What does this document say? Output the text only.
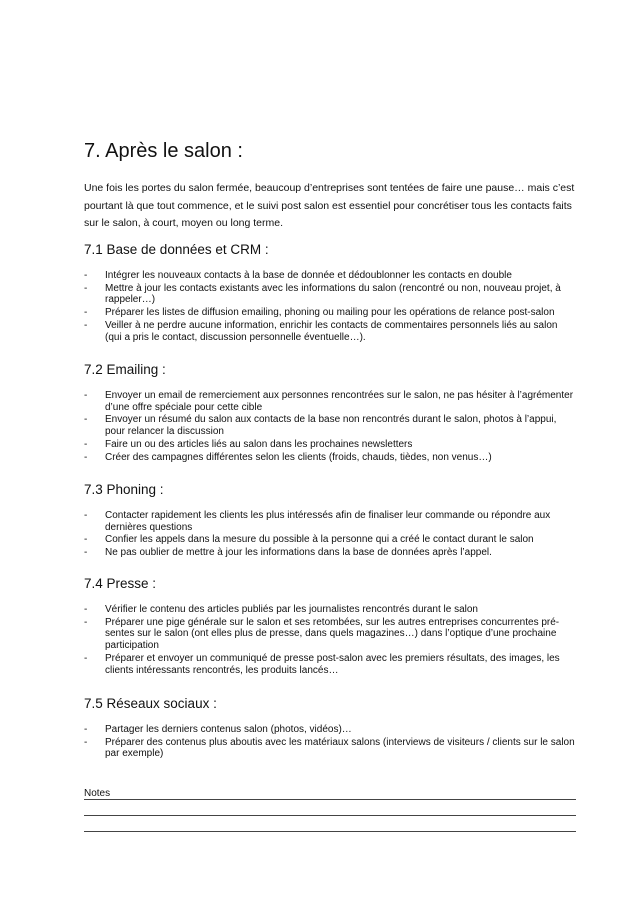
7. Après le salon :

Une fois les portes du salon fermée, beaucoup d’entreprises sont tentées de faire une pause… mais c’est pourtant là que tout commence, et le suivi post salon est essentiel pour concrétiser tous les contacts faits sur le salon, à court, moyen ou long terme.

7.1 Base de données et CRM :
- Intégrer les nouveaux contacts à la base de donnée et dédoublonner les contacts en double
- Mettre à jour les contacts existants avec les informations du salon (rencontré ou non, nouveau projet, à rappeler…)
- Préparer les listes de diffusion emailing, phoning ou mailing pour les opérations de relance post-salon
- Veiller à ne perdre aucune information, enrichir les contacts de commentaires personnels liés au salon (qui a pris le contact, discussion personnelle éventuelle…).
7.2 Emailing :
- Envoyer un email de remerciement aux personnes rencontrées sur le salon, ne pas hésiter à l’agrémenter d’une offre spéciale pour cette cible
- Envoyer un résumé du salon aux contacts de la base non rencontrés durant le salon, photos à l’appui, pour relancer la discussion
- Faire un ou des articles liés au salon dans les prochaines newsletters
- Créer des campagnes différentes selon les clients (froids, chauds, tièdes, non venus…)
7.3 Phoning :
- Contacter rapidement les clients les plus intéressés afin de finaliser leur commande ou répondre aux dernières questions
- Confier les appels dans la mesure du possible à la personne qui a créé le contact durant le salon
- Ne pas oublier de mettre à jour les informations dans la base de données après l’appel.
7.4 Presse :
- Vérifier le contenu des articles publiés par les journalistes rencontrés durant le salon
- Préparer une pige générale sur le salon et ses retombées, sur les autres entreprises concurrentes pré-sentes sur le salon (ont elles plus de presse, dans quels magazines…) dans l’optique d’une prochaine participation
- Préparer et envoyer un communiqué de presse post-salon avec les premiers résultats, des images, les clients intéressants rencontrés, les produits lancés…
7.5 Réseaux sociaux :
- Partager les derniers contenus salon (photos, vidéos)…
- Préparer des contenus plus aboutis avec les matériaux salons (interviews de visiteurs / clients sur le salon par exemple)
Notes
